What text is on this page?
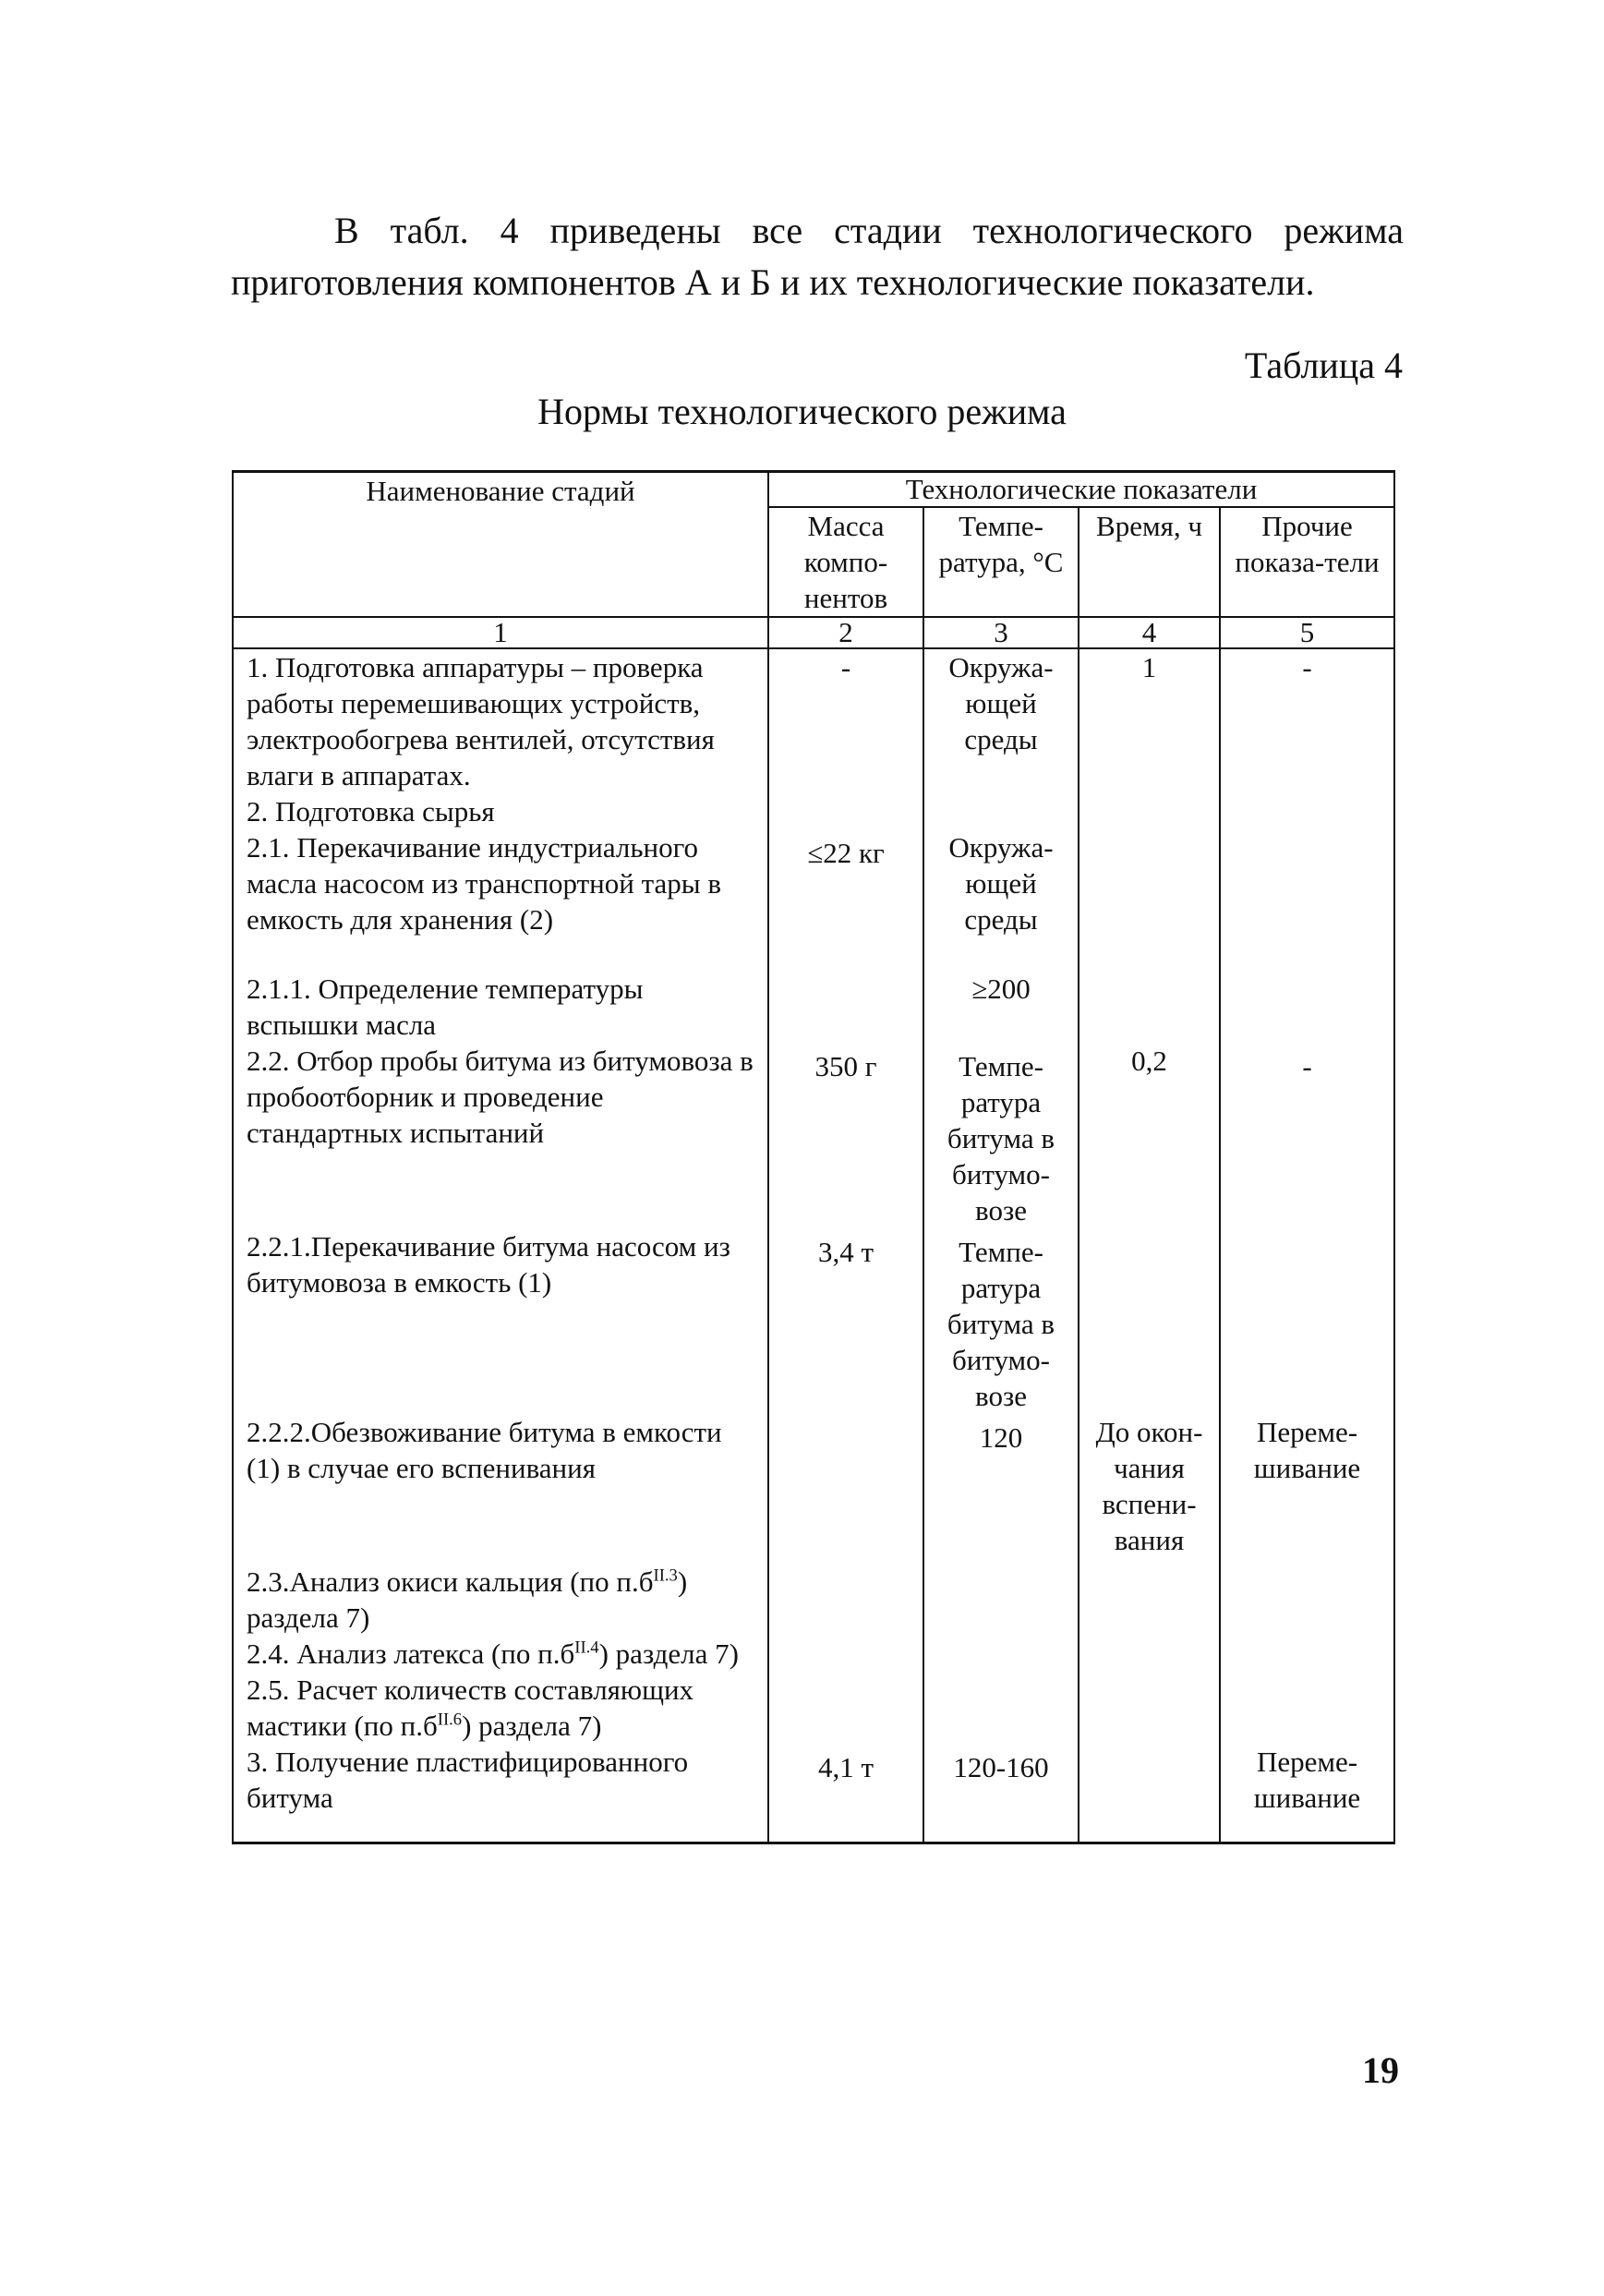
В табл. 4 приведены все стадии технологического режима приготовления компонентов А и Б и их технологические показатели.

Таблица 4
Нормы технологического режима
Наименование стадий	Технологические показатели			
	Масса компо-нентов	Темпе-ратура, °С	Время, ч	Прочие показа-тели
1	2	3	4	5
1. Подготовка аппаратуры – проверка работы перемешивающих устройств, электрообогрева вентилей, отсутствия влаги в аппаратах.	-	Окружа-ющей среды	1	-
2. Подготовка сырья				
2.1. Перекачивание индустриального масла насосом из транспортной тары в емкость для хранения (2)	≤22 кг	Окружа-ющей среды		
2.1.1. Определение температуры вспышки масла		≥200		
2.2. Отбор пробы битума из битумовоза в пробоотборник и проведение стандартных испытаний	350 г	Темпе-ратура битума в битумо-возе	0,2	-
2.2.1.Перекачивание битума насосом из битумовоза в емкость (1)	3,4 т	Темпе-ратура битума в битумо-возе		
2.2.2.Обезвоживание битума в емкости (1) в случае его вспенивания		120	До окон-чания вспени-вания	Переме-шивание
2.3.Анализ окиси кальция (по $п.б^{II.3}$) раздела 7)				
2.4. Анализ латекса (по $п.б^{II.4}$) раздела 7)				
2.5. Расчет количеств составляющих мастики (по $п.б^{II.6}$) раздела 7)				
3. Получение пластифицированного битума	4,1 т	120-160		Переме-шивание

19
